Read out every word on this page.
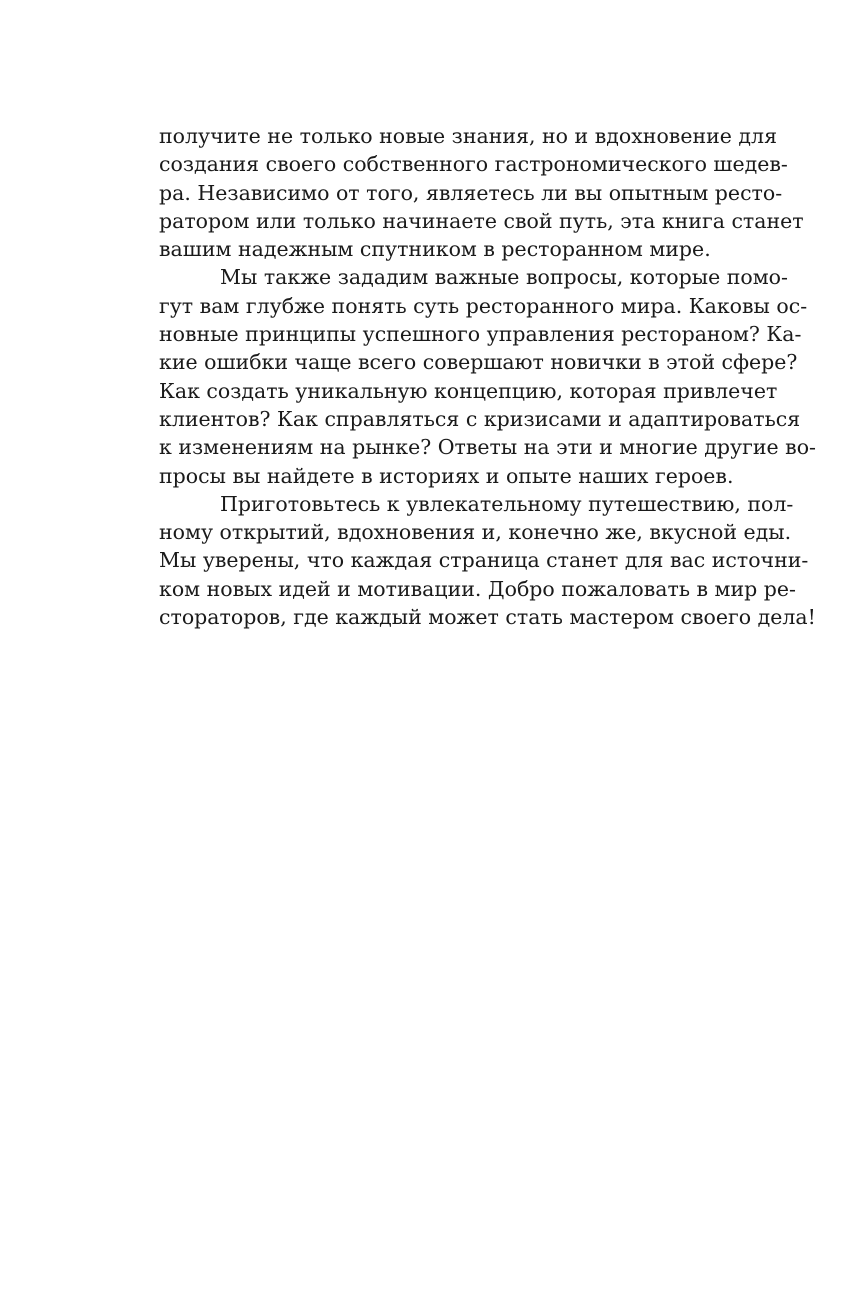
получите не только новые знания, но и вдохновение для
создания своего собственного гастрономического шедев-
ра. Независимо от того, являетесь ли вы опытным ресто-
ратором или только начинаете свой путь, эта книга станет
вашим надежным спутником в ресторанном мире.
Мы также зададим важные вопросы, которые помо-
гут вам глубже понять суть ресторанного мира. Каковы ос-
новные принципы успешного управления рестораном? Ка-
кие ошибки чаще всего совершают новички в этой сфере?
Как создать уникальную концепцию, которая привлечет
клиентов? Как справляться с кризисами и адаптироваться
к изменениям на рынке? Ответы на эти и многие другие во-
просы вы найдете в историях и опыте наших героев.
Приготовьтесь к увлекательному путешествию, пол-
ному открытий, вдохновения и, конечно же, вкусной еды.
Мы уверены, что каждая страница станет для вас источни-
ком новых идей и мотивации. Добро пожаловать в мир ре-
стораторов, где каждый может стать мастером своего дела!
